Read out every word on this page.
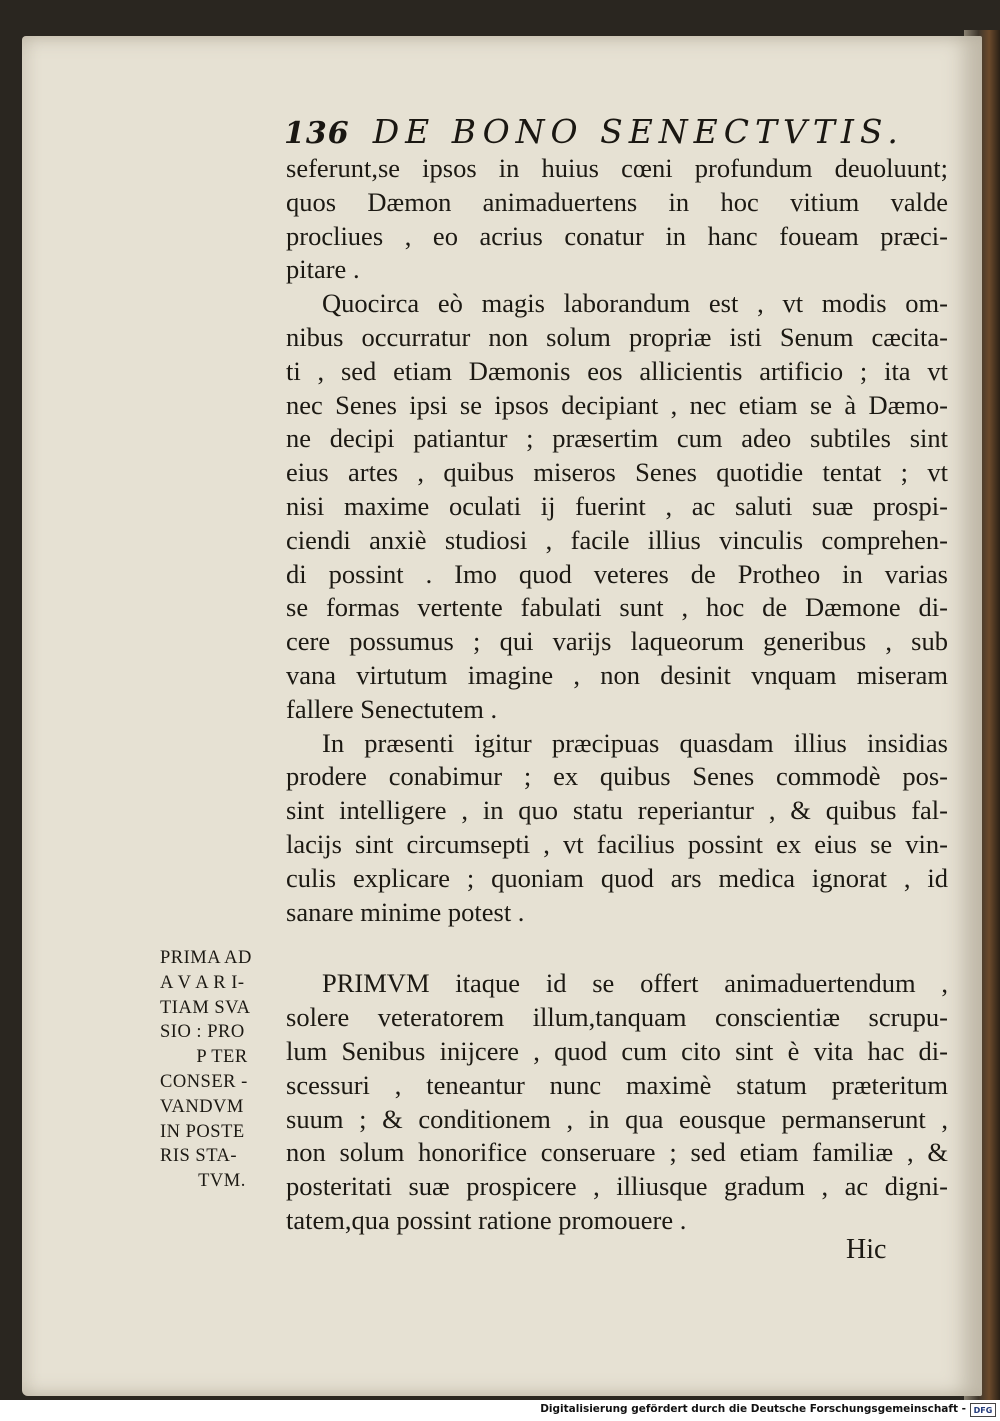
136 DE BONO SENECTVTIS.
seferunt,se ipsos in huius cœni profundum deuoluunt;
quos Dæmon animaduertens in hoc vitium valde
procliues , eo acrius conatur in hanc foueam præci-
pitare .
Quocirca eò magis laborandum est , vt modis om-
nibus occurratur non solum propriæ isti Senum cæcita-
ti , sed etiam Dæmonis eos allicientis artificio ; ita vt
nec Senes ipsi se ipsos decipiant , nec etiam se à Dæmo-
ne decipi patiantur ; præsertim cum adeo subtiles sint
eius artes , quibus miseros Senes quotidie tentat ; vt
nisi maxime oculati ij fuerint , ac saluti suæ prospi-
ciendi anxiè studiosi , facile illius vinculis comprehen-
di possint . Imo quod veteres de Protheo in varias
se formas vertente fabulati sunt , hoc de Dæmone di-
cere possumus ; qui varijs laqueorum generibus , sub
vana virtutum imagine , non desinit vnquam miseram
fallere Senectutem .
In præsenti igitur præcipuas quasdam illius insidias
prodere conabimur ; ex quibus Senes commodè pos-
sint intelligere , in quo statu reperiantur , & quibus fal-
lacijs sint circumsepti , vt facilius possint ex eius se vin-
culis explicare ; quoniam quod ars medica ignorat , id
sanare minime potest .
PRIMVM itaque id se offert animaduertendum ,
solere veteratorem illum,tanquam conscientiæ scrupu-
lum Senibus inijcere , quod cum cito sint è vita hac di-
scessuri , teneantur nunc maximè statum præteritum
suum ; & conditionem , in qua eousque permanserunt ,
non solum honorifice conseruare ; sed etiam familiæ , &
posteritati suæ prospicere , illiusque gradum , ac digni-
tatem,qua possint ratione promouere .
PRIMA AD
A V A R I-
TIAM SVA
SIO : PRO
P TER
CONSER -
VANDVM
IN POSTE
RIS STA-
TVM.
Hic
Digitalisierung gefördert durch die Deutsche Forschungsgemeinschaft - DFG
